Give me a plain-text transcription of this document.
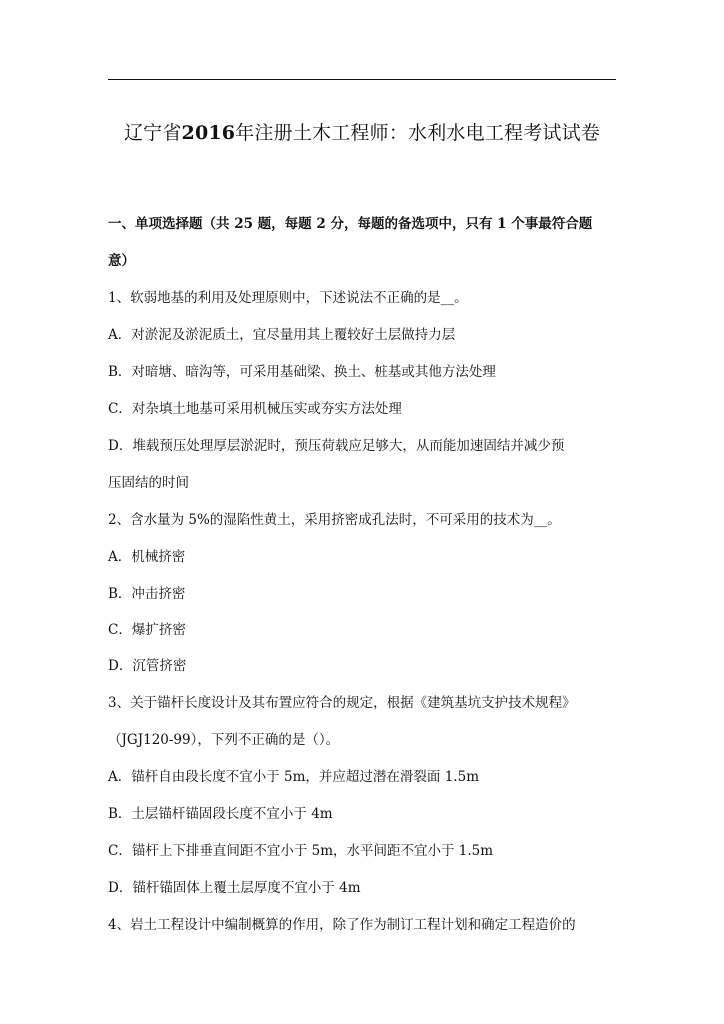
辽宁省2016年注册土木工程师：水利水电工程考试试卷
一、单项选择题（共 25 题，每题 2 分，每题的备选项中，只有 1 个事最符合题
意）
1、软弱地基的利用及处理原则中，下述说法不正确的是__。
A．对淤泥及淤泥质土，宜尽量用其上覆较好土层做持力层
B．对暗塘、暗沟等，可采用基础梁、换土、桩基或其他方法处理
C．对杂填土地基可采用机械压实或夯实方法处理
D．堆载预压处理厚层淤泥时，预压荷载应足够大，从而能加速固结并减少预
压固结的时间
2、含水量为 5%的湿陷性黄土，采用挤密成孔法时，不可采用的技术为__。
A．机械挤密
B．冲击挤密
C．爆扩挤密
D．沉管挤密
3、关于锚杆长度设计及其布置应符合的规定，根据《建筑基坑支护技术规程》
（JGJ120-99），下列不正确的是（）。
A．锚杆自由段长度不宜小于 5m，并应超过潜在滑裂面 1.5m
B．土层锚杆锚固段长度不宜小于 4m
C．锚杆上下排垂直间距不宜小于 5m，水平间距不宜小于 1.5m
D．锚杆锚固体上覆土层厚度不宜小于 4m
4、岩土工程设计中编制概算的作用，除了作为制订工程计划和确定工程造价的
